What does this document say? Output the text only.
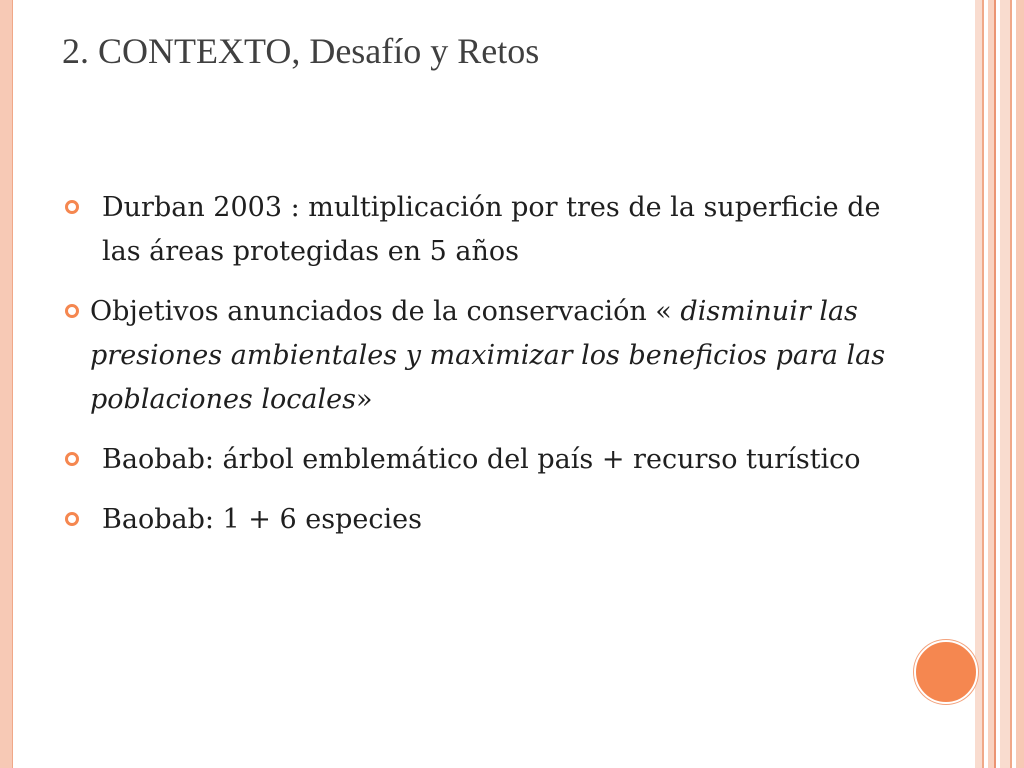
2. CONTEXTO, Desafío y Retos
Durban 2003 : multiplicación por tres de la superficie de las áreas protegidas en 5 años
Objetivos anunciados de la conservación « disminuir las presiones ambientales y maximizar los beneficios para las poblaciones locales»
Baobab: árbol emblemático del país + recurso turístico
Baobab: 1 + 6 especies
